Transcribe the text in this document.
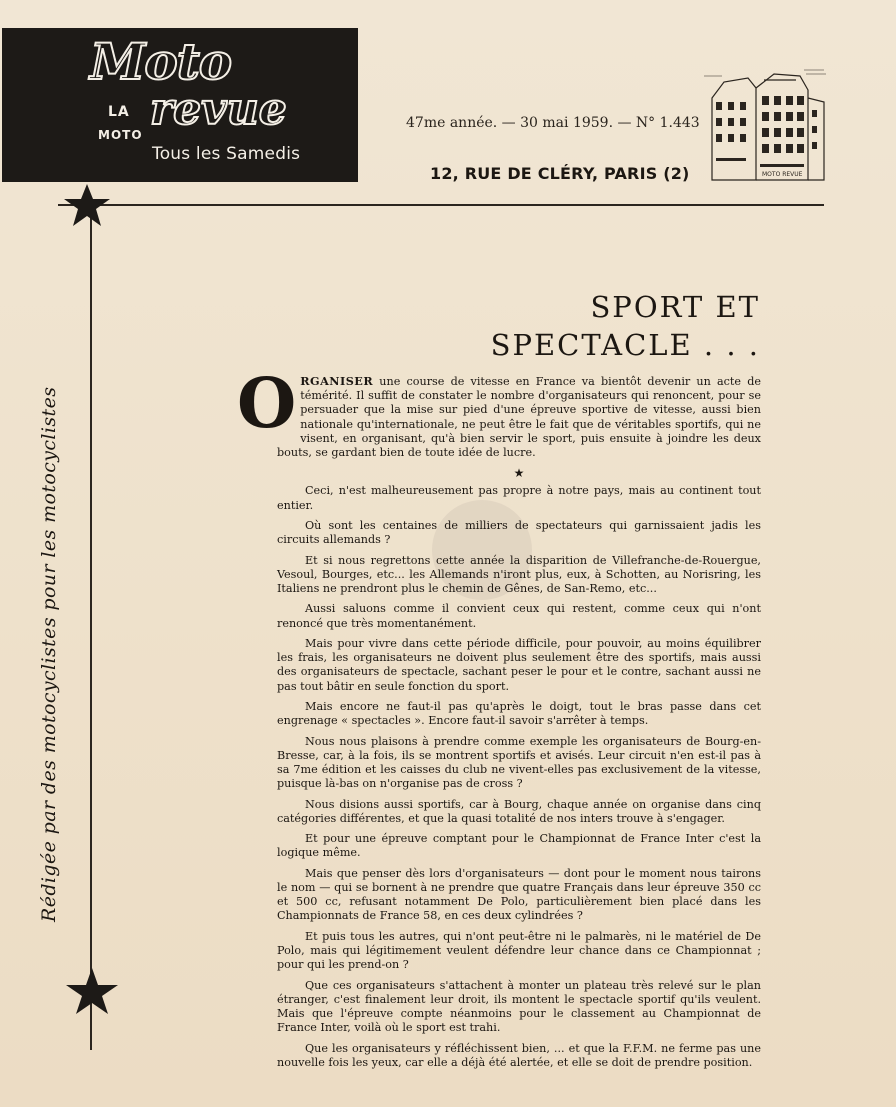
Moto
LA revue
MOTO
Tous les Samedis
47me année. — 30 mai 1959. — N° 1.443
12, RUE DE CLÉRY, PARIS (2)	MOTO REVUE
Rédigée par des motocyclistes pour les motocyclistes
SPORT ET
SPECTACLE . . .

O RGANISER une course de vitesse en France va bientôt devenir un acte de témérité. Il suffit de constater le nombre d'organisateurs qui renoncent, pour se persuader que la mise sur pied d'une épreuve sportive de vitesse, aussi bien nationale qu'internationale, ne peut être le fait que de véritables sportifs, qui ne visent, en organisant, qu'à bien servir le sport, puis ensuite à joindre les deux bouts, se gardant bien de toute idée de lucre.

★

Ceci, n'est malheureusement pas propre à notre pays, mais au continent tout entier.

Où sont les centaines de milliers de spectateurs qui garnissaient jadis les circuits allemands ?

Et si nous regrettons cette année la disparition de Villefranche-de-Rouergue, Vesoul, Bourges, etc... les Allemands n'iront plus, eux, à Schotten, au Norisring, les Italiens ne prendront plus le chemin de Gênes, de San-Remo, etc...

Aussi saluons comme il convient ceux qui restent, comme ceux qui n'ont renoncé que très momentanément.

Mais pour vivre dans cette période difficile, pour pouvoir, au moins équilibrer les frais, les organisateurs ne doivent plus seulement être des sportifs, mais aussi des organisateurs de spectacle, sachant peser le pour et le contre, sachant aussi ne pas tout bâtir en seule fonction du sport.

Mais encore ne faut-il pas qu'après le doigt, tout le bras passe dans cet engrenage « spectacles ». Encore faut-il savoir s'arrêter à temps.

Nous nous plaisons à prendre comme exemple les organisateurs de Bourg-en-Bresse, car, à la fois, ils se montrent sportifs et avisés. Leur circuit n'en est-il pas à sa 7me édition et les caisses du club ne vivent-elles pas exclusivement de la vitesse, puisque là-bas on n'organise pas de cross ?

Nous disions aussi sportifs, car à Bourg, chaque année on organise dans cinq catégories différentes, et que la quasi totalité de nos inters trouve à s'engager.

Et pour une épreuve comptant pour le Championnat de France Inter c'est la logique même.

Mais que penser dès lors d'organisateurs — dont pour le moment nous tairons le nom — qui se bornent à ne prendre que quatre Français dans leur épreuve 350 cc et 500 cc, refusant notamment De Polo, particulièrement bien placé dans les Championnats de France 58, en ces deux cylindrées ?

Et puis tous les autres, qui n'ont peut-être ni le palmarès, ni le matériel de De Polo, mais qui légitimement veulent défendre leur chance dans ce Championnat ; pour qui les prend-on ?

Que ces organisateurs s'attachent à monter un plateau très relevé sur le plan étranger, c'est finalement leur droit, ils montent le spectacle sportif qu'ils veulent. Mais que l'épreuve compte néanmoins pour le classement au Championnat de France Inter, voilà où le sport est trahi.

Que les organisateurs y réfléchissent bien, ... et que la F.F.M. ne ferme pas une nouvelle fois les yeux, car elle a déjà été alertée, et elle se doit de prendre position.
